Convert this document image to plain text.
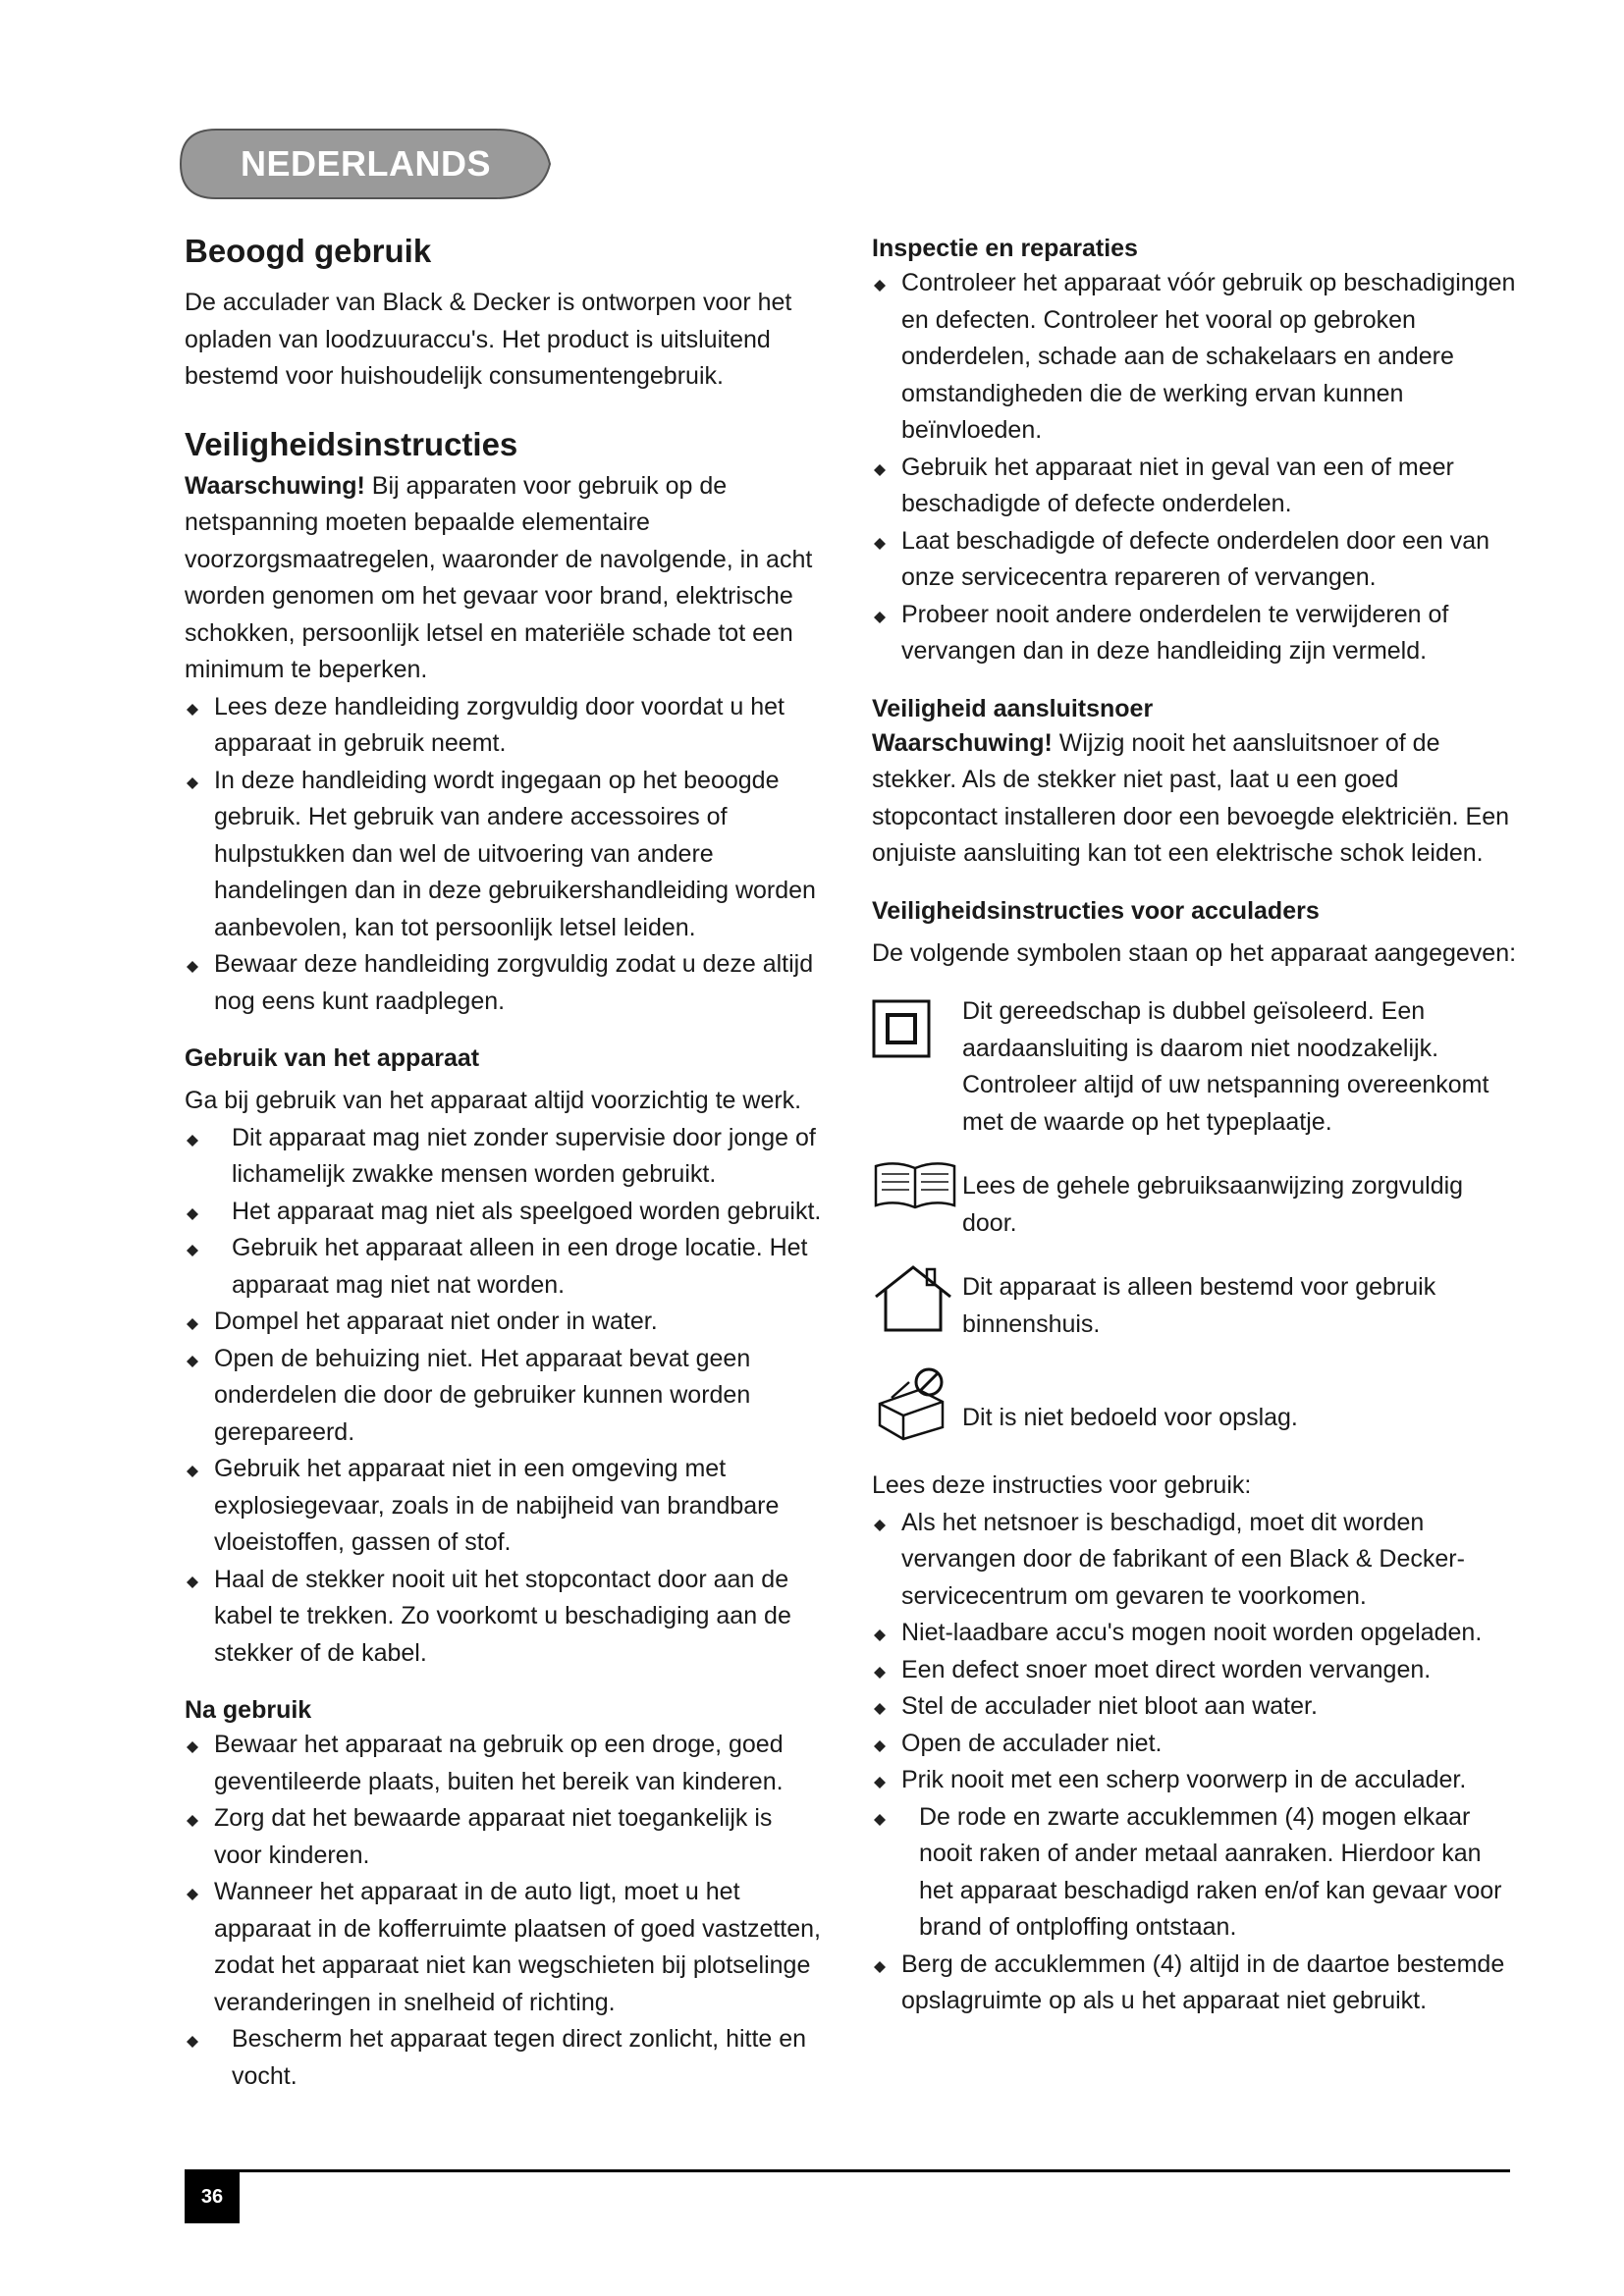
NEDERLANDS
Beoogd gebruik

De acculader van Black & Decker is ontworpen voor het opladen van loodzuuraccu's. Het product is uitsluitend bestemd voor huishoudelijk consumentengebruik.

Veiligheidsinstructies

Waarschuwing! Bij apparaten voor gebruik op de netspanning moeten bepaalde elementaire voorzorgsmaatregelen, waaronder de navolgende, in acht worden genomen om het gevaar voor brand, elektrische schokken, persoonlijk letsel en materiële schade tot een minimum te beperken.

Lees deze handleiding zorgvuldig door voordat u het apparaat in gebruik neemt.
In deze handleiding wordt ingegaan op het beoogde gebruik. Het gebruik van andere accessoires of hulpstukken dan wel de uitvoering van andere handelingen dan in deze gebruikershandleiding worden aanbevolen, kan tot persoonlijk letsel leiden.
Bewaar deze handleiding zorgvuldig zodat u deze altijd nog eens kunt raadplegen.
Gebruik van het apparaat

Ga bij gebruik van het apparaat altijd voorzichtig te werk.

Dit apparaat mag niet zonder supervisie door jonge of lichamelijk zwakke mensen worden gebruikt.
Het apparaat mag niet als speelgoed worden gebruikt.
Gebruik het apparaat alleen in een droge locatie. Het apparaat mag niet nat worden.
Dompel het apparaat niet onder in water.
Open de behuizing niet. Het apparaat bevat geen onderdelen die door de gebruiker kunnen worden gerepareerd.
Gebruik het apparaat niet in een omgeving met explosiegevaar, zoals in de nabijheid van brandbare vloeistoffen, gassen of stof.
Haal de stekker nooit uit het stopcontact door aan de kabel te trekken. Zo voorkomt u beschadiging aan de stekker of de kabel.
Na gebruik
Bewaar het apparaat na gebruik op een droge, goed geventileerde plaats, buiten het bereik van kinderen.
Zorg dat het bewaarde apparaat niet toegankelijk is voor kinderen.
Wanneer het apparaat in de auto ligt, moet u het apparaat in de kofferruimte plaatsen of goed vastzetten, zodat het apparaat niet kan wegschieten bij plotselinge veranderingen in snelheid of richting.
Bescherm het apparaat tegen direct zonlicht, hitte en vocht.
Inspectie en reparaties
Controleer het apparaat vóór gebruik op beschadigingen en defecten. Controleer het vooral op gebroken onderdelen, schade aan de schakelaars en andere omstandigheden die de werking ervan kunnen beïnvloeden.
Gebruik het apparaat niet in geval van een of meer beschadigde of defecte onderdelen.
Laat beschadigde of defecte onderdelen door een van onze servicecentra repareren of vervangen.
Probeer nooit andere onderdelen te verwijderen of vervangen dan in deze handleiding zijn vermeld.
Veiligheid aansluitsnoer

Waarschuwing! Wijzig nooit het aansluitsnoer of de stekker. Als de stekker niet past, laat u een goed stopcontact installeren door een bevoegde elektriciën. Een onjuiste aansluiting kan tot een elektrische schok leiden.

Veiligheidsinstructies voor acculaders

De volgende symbolen staan op het apparaat aangegeven:

Dit gereedschap is dubbel geïsoleerd. Een aardaansluiting is daarom niet noodzakelijk. Controleer altijd of uw netspanning overeenkomt met de waarde op het typeplaatje.
Lees de gehele gebruiksaanwijzing zorgvuldig door.
Dit apparaat is alleen bestemd voor gebruik binnenshuis.
Dit is niet bedoeld voor opslag.

Lees deze instructies voor gebruik:

Als het netsnoer is beschadigd, moet dit worden vervangen door de fabrikant of een Black & Decker-servicecentrum om gevaren te voorkomen.
Niet-laadbare accu's mogen nooit worden opgeladen.
Een defect snoer moet direct worden vervangen.
Stel de acculader niet bloot aan water.
Open de acculader niet.
Prik nooit met een scherp voorwerp in de acculader.
De rode en zwarte accuklemmen (4) mogen elkaar nooit raken of ander metaal aanraken. Hierdoor kan het apparaat beschadigd raken en/of kan gevaar voor brand of ontploffing ontstaan.
Berg de accuklemmen (4) altijd in de daartoe bestemde opslagruimte op als u het apparaat niet gebruikt.
36
